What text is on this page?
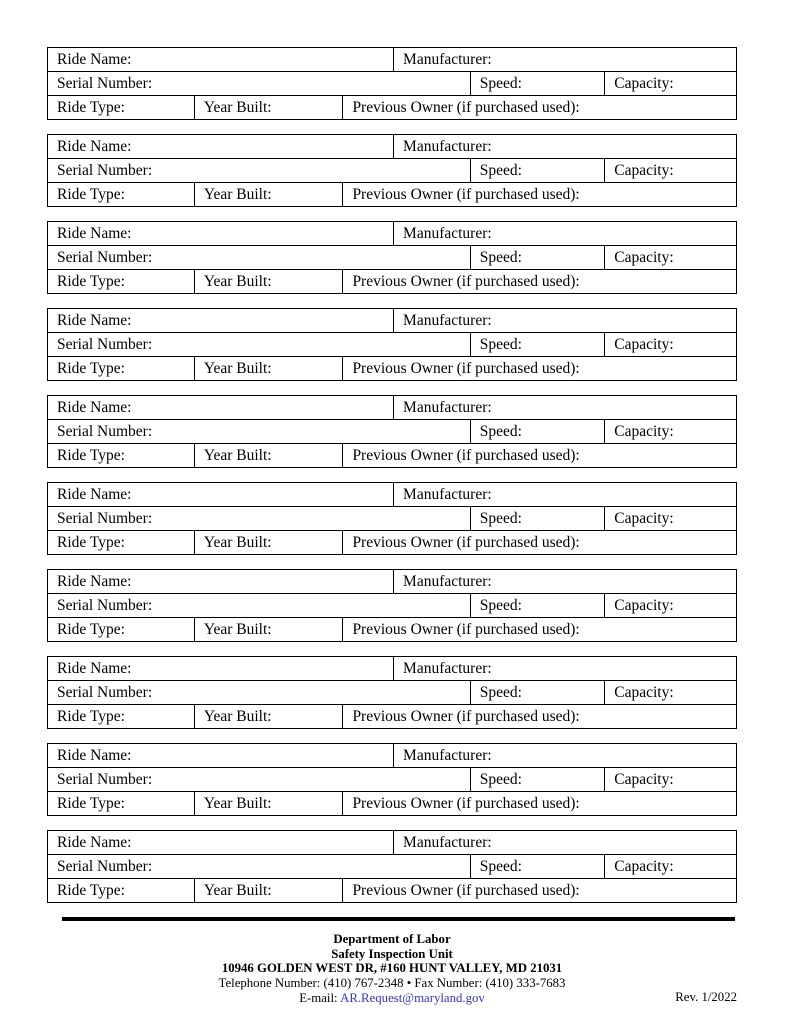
Ride Name:	Manufacturer:
Serial Number:	Speed:	Capacity:
Ride Type:	Year Built:	Previous Owner (if purchased used):
Ride Name:	Manufacturer:
Serial Number:	Speed:	Capacity:
Ride Type:	Year Built:	Previous Owner (if purchased used):
Ride Name:	Manufacturer:
Serial Number:	Speed:	Capacity:
Ride Type:	Year Built:	Previous Owner (if purchased used):
Ride Name:	Manufacturer:
Serial Number:	Speed:	Capacity:
Ride Type:	Year Built:	Previous Owner (if purchased used):
Ride Name:	Manufacturer:
Serial Number:	Speed:	Capacity:
Ride Type:	Year Built:	Previous Owner (if purchased used):
Ride Name:	Manufacturer:
Serial Number:	Speed:	Capacity:
Ride Type:	Year Built:	Previous Owner (if purchased used):
Ride Name:	Manufacturer:
Serial Number:	Speed:	Capacity:
Ride Type:	Year Built:	Previous Owner (if purchased used):
Ride Name:	Manufacturer:
Serial Number:	Speed:	Capacity:
Ride Type:	Year Built:	Previous Owner (if purchased used):
Ride Name:	Manufacturer:
Serial Number:	Speed:	Capacity:
Ride Type:	Year Built:	Previous Owner (if purchased used):
Ride Name:	Manufacturer:
Serial Number:	Speed:	Capacity:
Ride Type:	Year Built:	Previous Owner (if purchased used):
Department of Labor
Safety Inspection Unit
10946 GOLDEN WEST DR, #160 HUNT VALLEY, MD 21031
Telephone Number: (410) 767-2348 • Fax Number: (410) 333-7683
E-mail: AR.Request@maryland.gov	Rev. 1/2022
